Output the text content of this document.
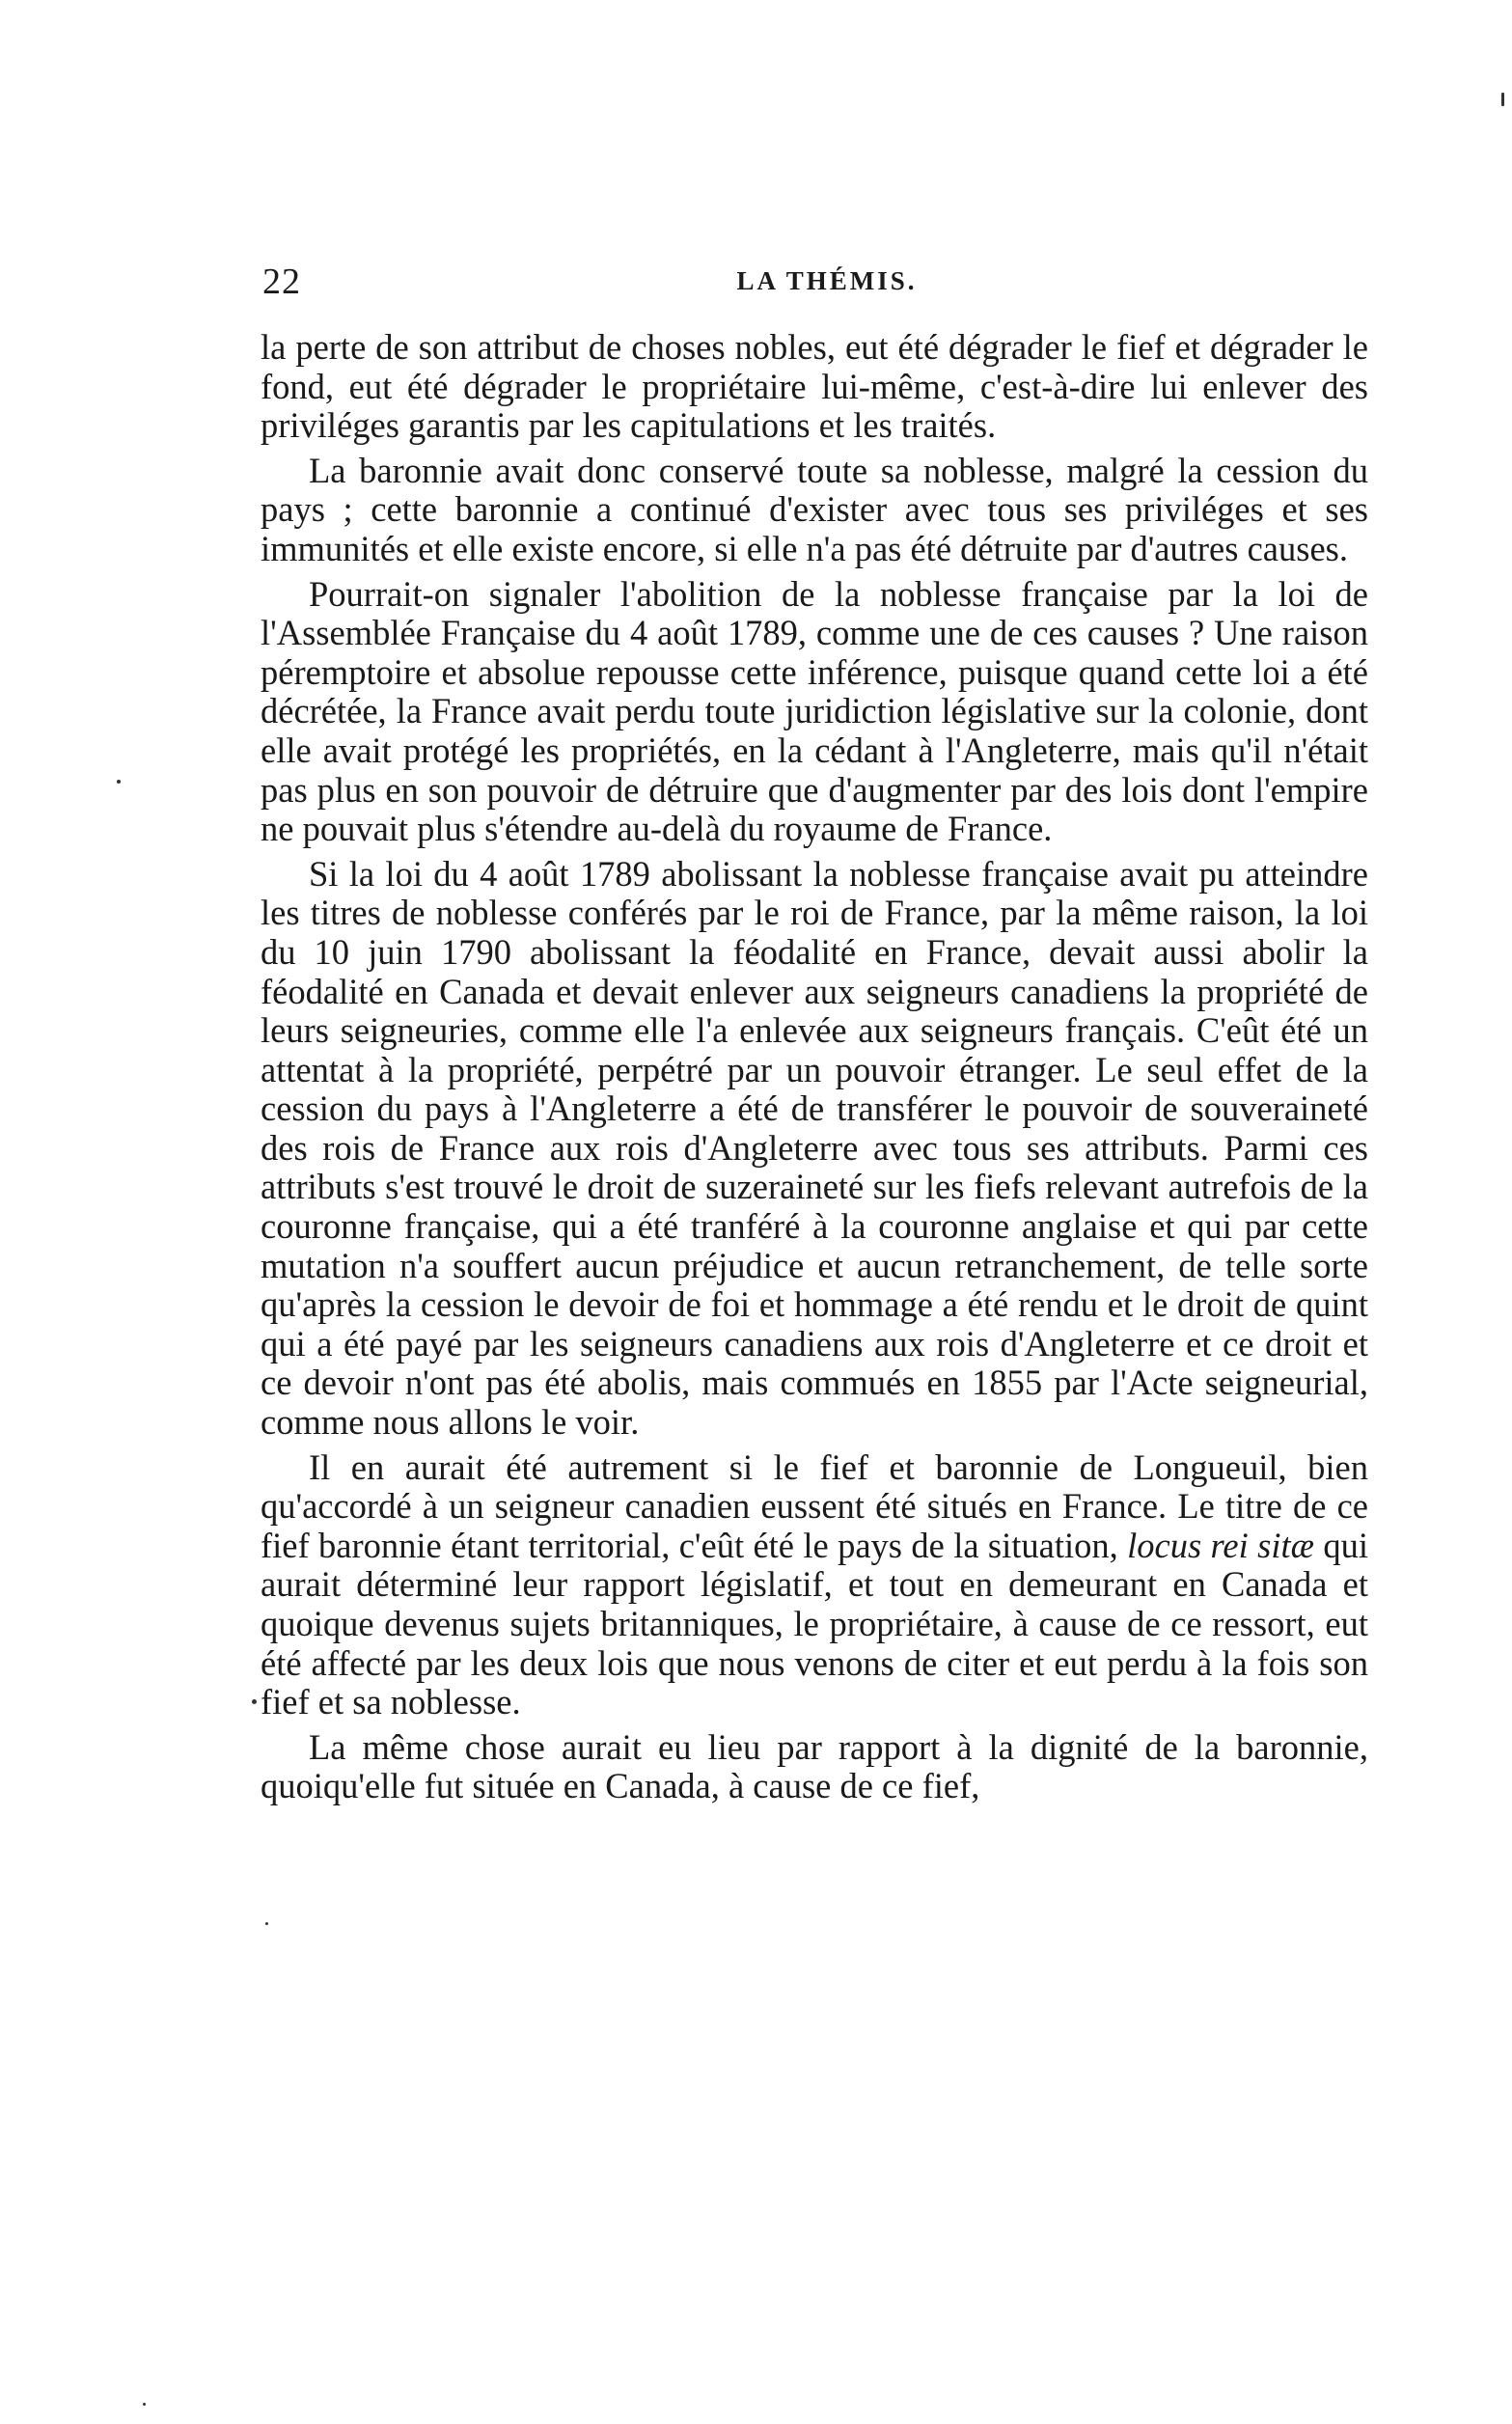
22	LA THÉMIS.

la perte de son attribut de choses nobles, eut été dégrader le fief et dégrader le fond, eut été dégrader le propriétaire lui-même, c'est-à-dire lui enlever des priviléges garantis par les capitulations et les traités.

La baronnie avait donc conservé toute sa noblesse, malgré la cession du pays ; cette baronnie a continué d'exister avec tous ses priviléges et ses immunités et elle existe encore, si elle n'a pas été détruite par d'autres causes.

Pourrait-on signaler l'abolition de la noblesse française par la loi de l'Assemblée Française du 4 août 1789, comme une de ces causes ? Une raison péremptoire et absolue repousse cette inférence, puisque quand cette loi a été décrétée, la France avait perdu toute juridiction législative sur la colonie, dont elle avait protégé les propriétés, en la cédant à l'Angleterre, mais qu'il n'était pas plus en son pouvoir de détruire que d'augmenter par des lois dont l'empire ne pouvait plus s'étendre au-delà du royaume de France.

Si la loi du 4 août 1789 abolissant la noblesse française avait pu atteindre les titres de noblesse conférés par le roi de France, par la même raison, la loi du 10 juin 1790 abolissant la féodalité en France, devait aussi abolir la féodalité en Canada et devait enlever aux seigneurs canadiens la propriété de leurs seigneuries, comme elle l'a enlevée aux seigneurs français. C'eût été un attentat à la propriété, perpétré par un pouvoir étranger. Le seul effet de la cession du pays à l'Angleterre a été de transférer le pouvoir de souveraineté des rois de France aux rois d'Angleterre avec tous ses attributs. Parmi ces attributs s'est trouvé le droit de suzeraineté sur les fiefs relevant autrefois de la couronne française, qui a été tranféré à la couronne anglaise et qui par cette mutation n'a souffert aucun préjudice et aucun retranchement, de telle sorte qu'après la cession le devoir de foi et hommage a été rendu et le droit de quint qui a été payé par les seigneurs canadiens aux rois d'Angleterre et ce droit et ce devoir n'ont pas été abolis, mais commués en 1855 par l'Acte seigneurial, comme nous allons le voir.

Il en aurait été autrement si le fief et baronnie de Longueuil, bien qu'accordé à un seigneur canadien eussent été situés en France. Le titre de ce fief baronnie étant territorial, c'eût été le pays de la situation, locus rei sitæ qui aurait déterminé leur rapport législatif, et tout en demeurant en Canada et quoique devenus sujets britanniques, le propriétaire, à cause de ce ressort, eut été affecté par les deux lois que nous venons de citer et eut perdu à la fois son fief et sa noblesse.

La même chose aurait eu lieu par rapport à la dignité de la baronnie, quoiqu'elle fut située en Canada, à cause de ce fief,
